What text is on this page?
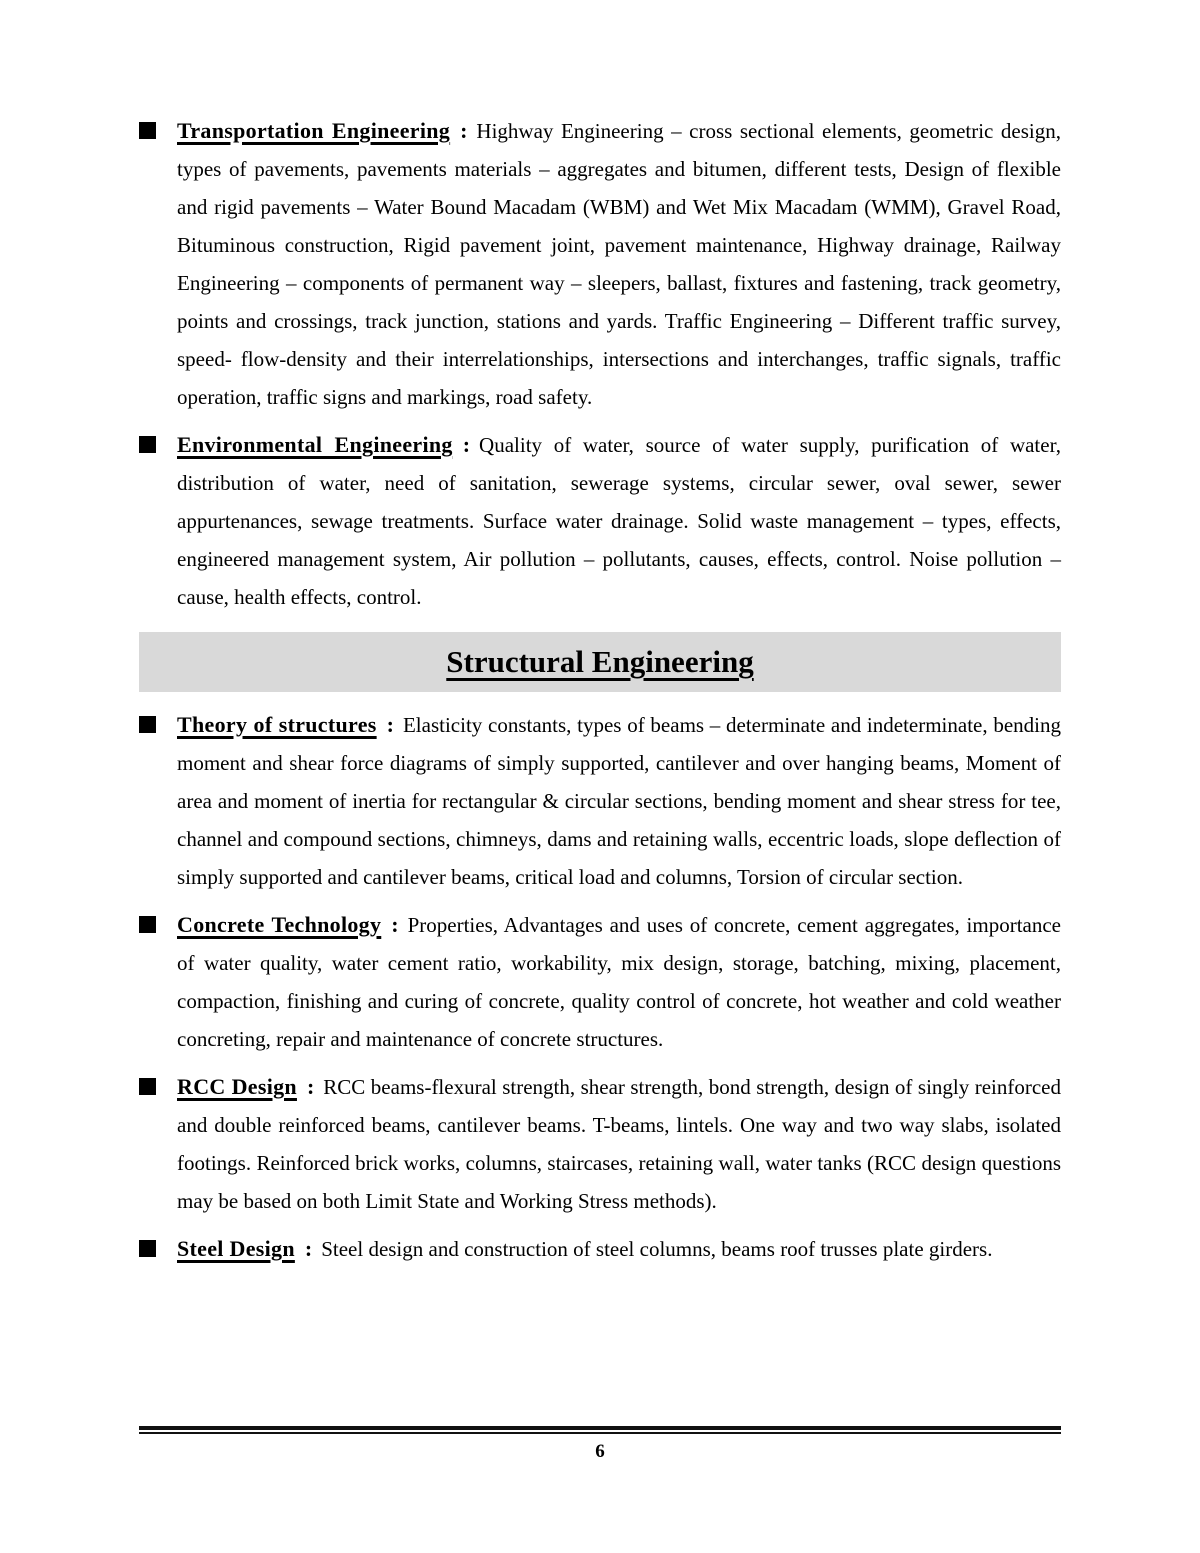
Transportation Engineering : Highway Engineering – cross sectional elements, geometric design, types of pavements, pavements materials – aggregates and bitumen, different tests, Design of flexible and rigid pavements – Water Bound Macadam (WBM) and Wet Mix Macadam (WMM), Gravel Road, Bituminous construction, Rigid pavement joint, pavement maintenance, Highway drainage, Railway Engineering – components of permanent way – sleepers, ballast, fixtures and fastening, track geometry, points and crossings, track junction, stations and yards. Traffic Engineering – Different traffic survey, speed- flow-density and their interrelationships, intersections and interchanges, traffic signals, traffic operation, traffic signs and markings, road safety.

Environmental Engineering : Quality of water, source of water supply, purification of water, distribution of water, need of sanitation, sewerage systems, circular sewer, oval sewer, sewer appurtenances, sewage treatments. Surface water drainage. Solid waste management – types, effects, engineered management system, Air pollution – pollutants, causes, effects, control. Noise pollution – cause, health effects, control.

Structural Engineering

Theory of structures : Elasticity constants, types of beams – determinate and indeterminate, bending moment and shear force diagrams of simply supported, cantilever and over hanging beams, Moment of area and moment of inertia for rectangular & circular sections, bending moment and shear stress for tee, channel and compound sections, chimneys, dams and retaining walls, eccentric loads, slope deflection of simply supported and cantilever beams, critical load and columns, Torsion of circular section.

Concrete Technology : Properties, Advantages and uses of concrete, cement aggregates, importance of water quality, water cement ratio, workability, mix design, storage, batching, mixing, placement, compaction, finishing and curing of concrete, quality control of concrete, hot weather and cold weather concreting, repair and maintenance of concrete structures.

RCC Design : RCC beams-flexural strength, shear strength, bond strength, design of singly reinforced and double reinforced beams, cantilever beams. T-beams, lintels. One way and two way slabs, isolated footings. Reinforced brick works, columns, staircases, retaining wall, water tanks (RCC design questions may be based on both Limit State and Working Stress methods).

Steel Design : Steel design and construction of steel columns, beams roof trusses plate girders.

6
